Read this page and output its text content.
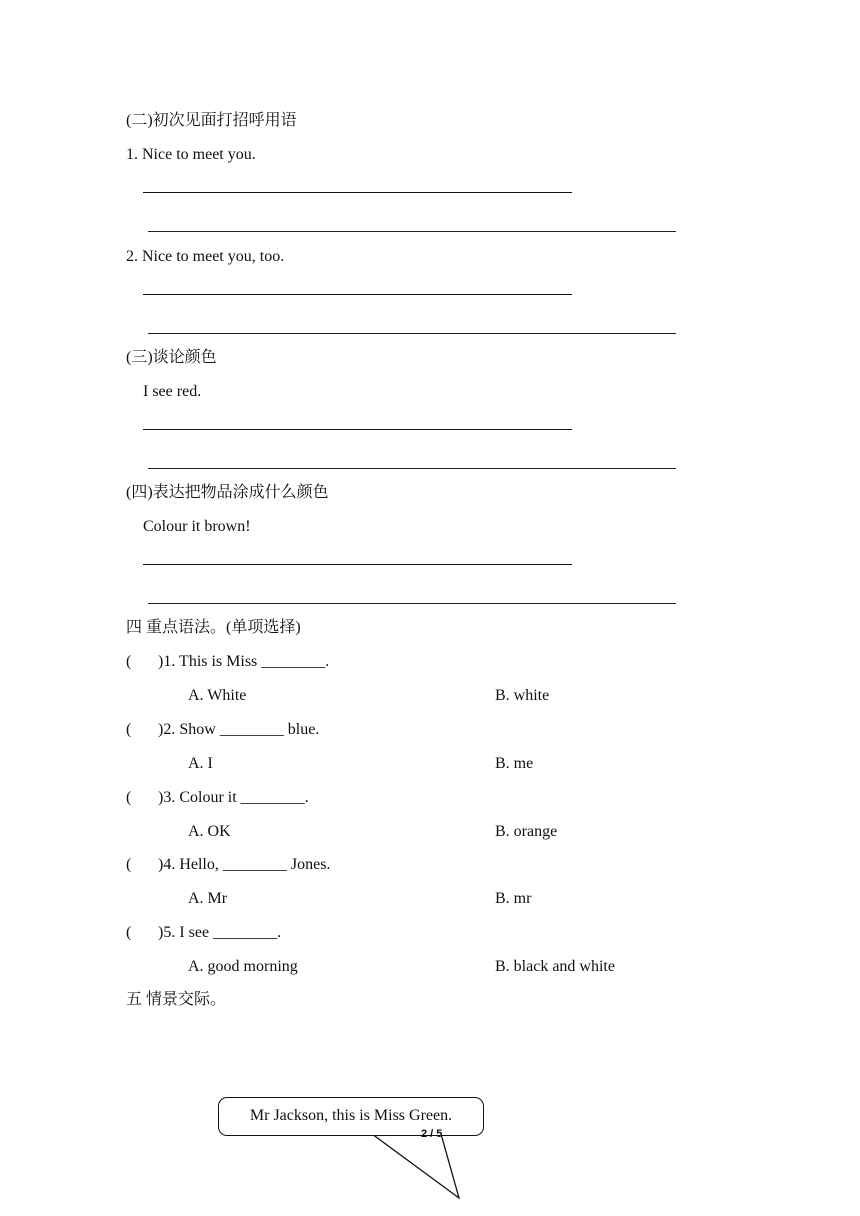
(二)初次见面打招呼用语
1. Nice to meet you.
2. Nice to meet you, too.
(三)谈论颜色
I see red.
(四)表达把物品涂成什么颜色
Colour it brown!
四 重点语法。(单项选择)
( )1. This is Miss ________.
A. White	B. white
( )2. Show ________ blue.
A. I	B. me
( )3. Colour it ________.
A. OK	B. orange
( )4. Hello, ________ Jones.
A. Mr	B. mr
( )5. I see ________.
A. good morning	B. black and white
五 情景交际。
Mr Jackson, this is Miss Green.
2 / 5
